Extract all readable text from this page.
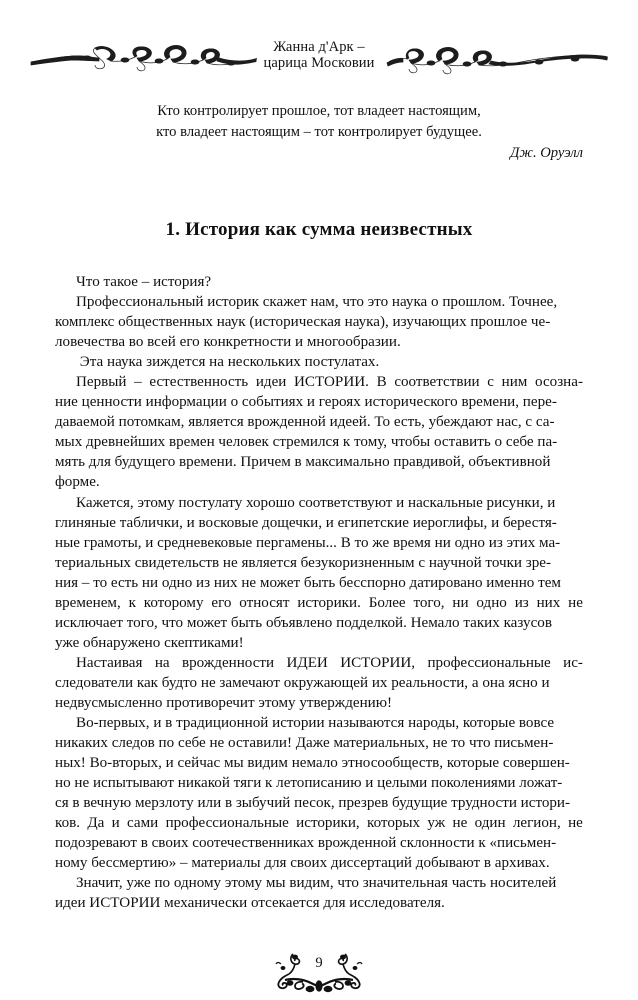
Жанна д'Арк –
царица Московии
Кто контролирует прошлое, тот владеет настоящим,
кто владеет настоящим – тот контролирует будущее.
Дж. Оруэлл
1. История как сумма неизвестных

Что такое – история?

Профессиональный историк скажет нам, что это наука о прошлом. Точнее,
комплекс общественных наук (историческая наука), изучающих прошлое че-
ловечества во всей его конкретности и многообразии.

Эта наука зиждется на нескольких постулатах.

Первый – естественность идеи ИСТОРИИ. В соответствии с ним осозна-
ние ценности информации о событиях и героях исторического времени, пере-
даваемой потомкам, является врожденной идеей. То есть, убеждают нас, с са-
мых древнейших времен человек стремился к тому, чтобы оставить о себе па-
мять для будущего времени. Причем в максимально правдивой, объективной
форме.

Кажется, этому постулату хорошо соответствуют и наскальные рисунки, и
глиняные таблички, и восковые дощечки, и египетские иероглифы, и берестя-
ные грамоты, и средневековые пергамены... В то же время ни одно из этих ма-
териальных свидетельств не является безукоризненным с научной точки зре-
ния – то есть ни одно из них не может быть бесспорно датировано именно тем
временем, к которому его относят историки. Более того, ни одно из них не
исключает того, что может быть объявлено подделкой. Немало таких казусов
уже обнаружено скептиками!

Настаивая на врожденности ИДЕИ ИСТОРИИ, профессиональные ис-
следователи как будто не замечают окружающей их реальности, а она ясно и
недвусмысленно противоречит этому утверждению!

Во-первых, и в традиционной истории называются народы, которые вовсе
никаких следов по себе не оставили! Даже материальных, не то что письмен-
ных! Во-вторых, и сейчас мы видим немало этносообществ, которые совершен-
но не испытывают никакой тяги к летописанию и целыми поколениями ложат-
ся в вечную мерзлоту или в зыбучий песок, презрев будущие трудности истори-
ков. Да и сами профессиональные историки, которых уж не один легион, не
подозревают в своих соотечественниках врожденной склонности к «письмен-
ному бессмертию» – материалы для своих диссертаций добывают в архивах.

Значит, уже по одному этому мы видим, что значительная часть носителей
идеи ИСТОРИИ механически отсекается для исследователя.

9
